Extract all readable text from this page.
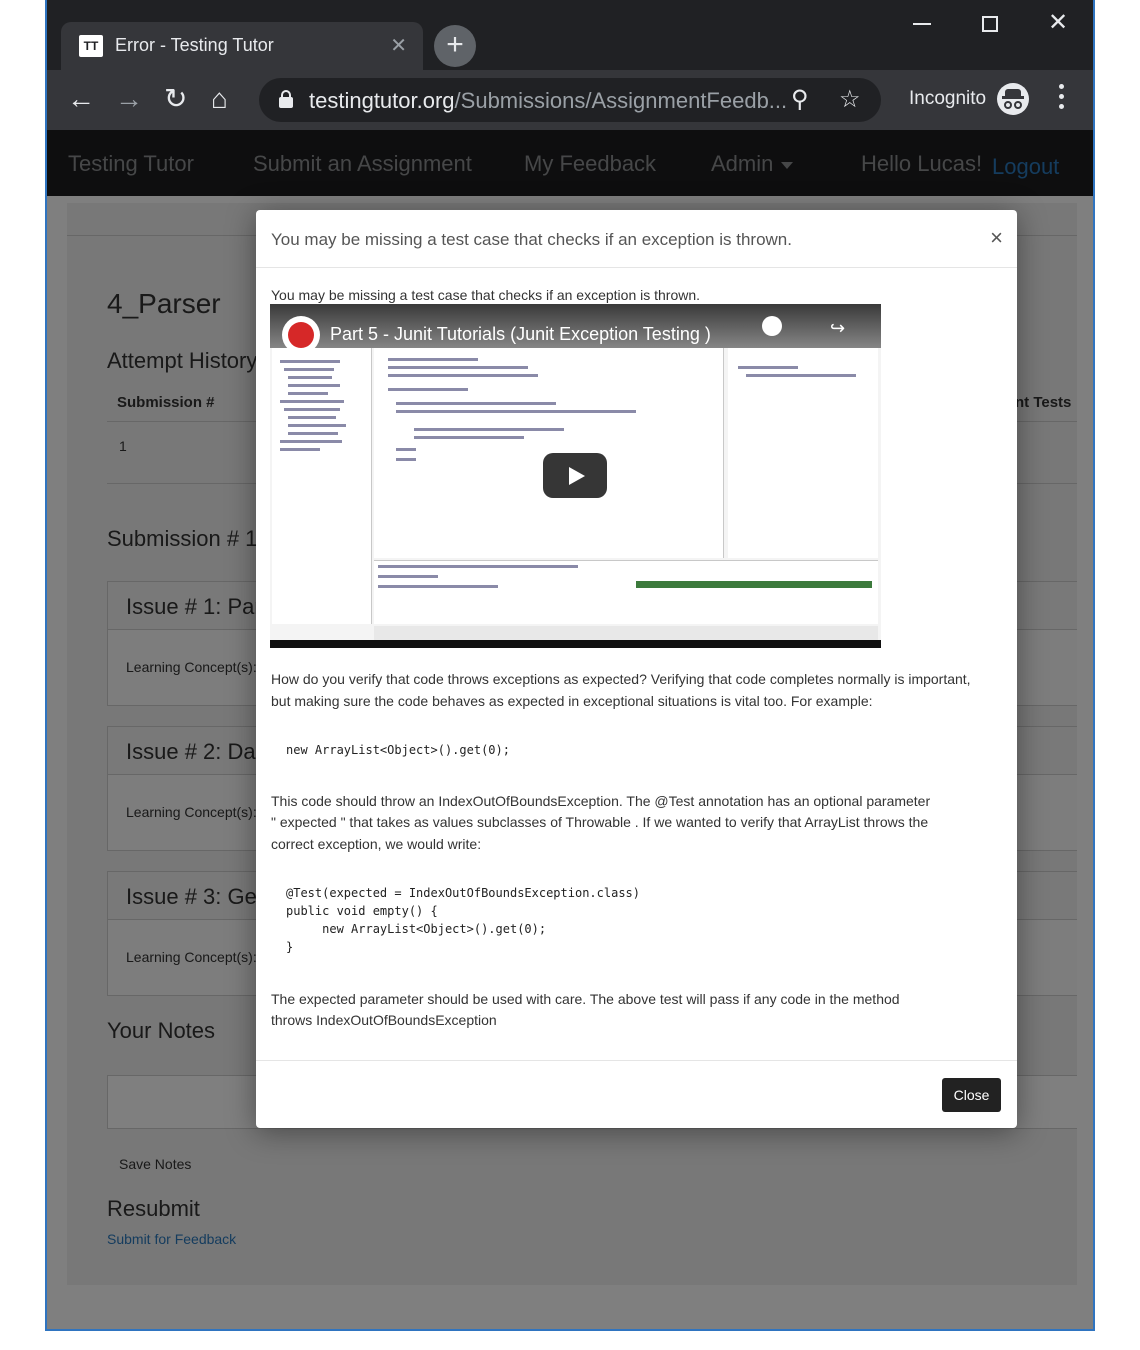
TT Error - Testing Tutor	✕	+
✕
← → ↻ ⌂	testingtutor.org/Submissions/AssignmentFeedb... ⚲ ☆	Incognito
You may be missing a test case that checks if an exception is thrown.	×
You may be missing a test case that checks if an exception is thrown.
Part 5 - Junit Tutorials (Junit Exception Testing )	↪
Watch later Share
How do you verify that code throws exceptions as expected? Verifying that code completes normally is important,
but making sure the code behaves as expected in exceptional situations is vital too. For example:
new ArrayList<Object>().get(0);
This code should throw an IndexOutOfBoundsException. The @Test annotation has an optional parameter
" expected " that takes as values subclasses of Throwable . If we wanted to verify that ArrayList throws the
correct exception, we would write:
@Test(expected = IndexOutOfBoundsException.class)
public void empty() {
new ArrayList<Object>().get(0);
}
The expected parameter should be used with care. The above test will pass if any code in the method
throws IndexOutOfBoundsException
Close
